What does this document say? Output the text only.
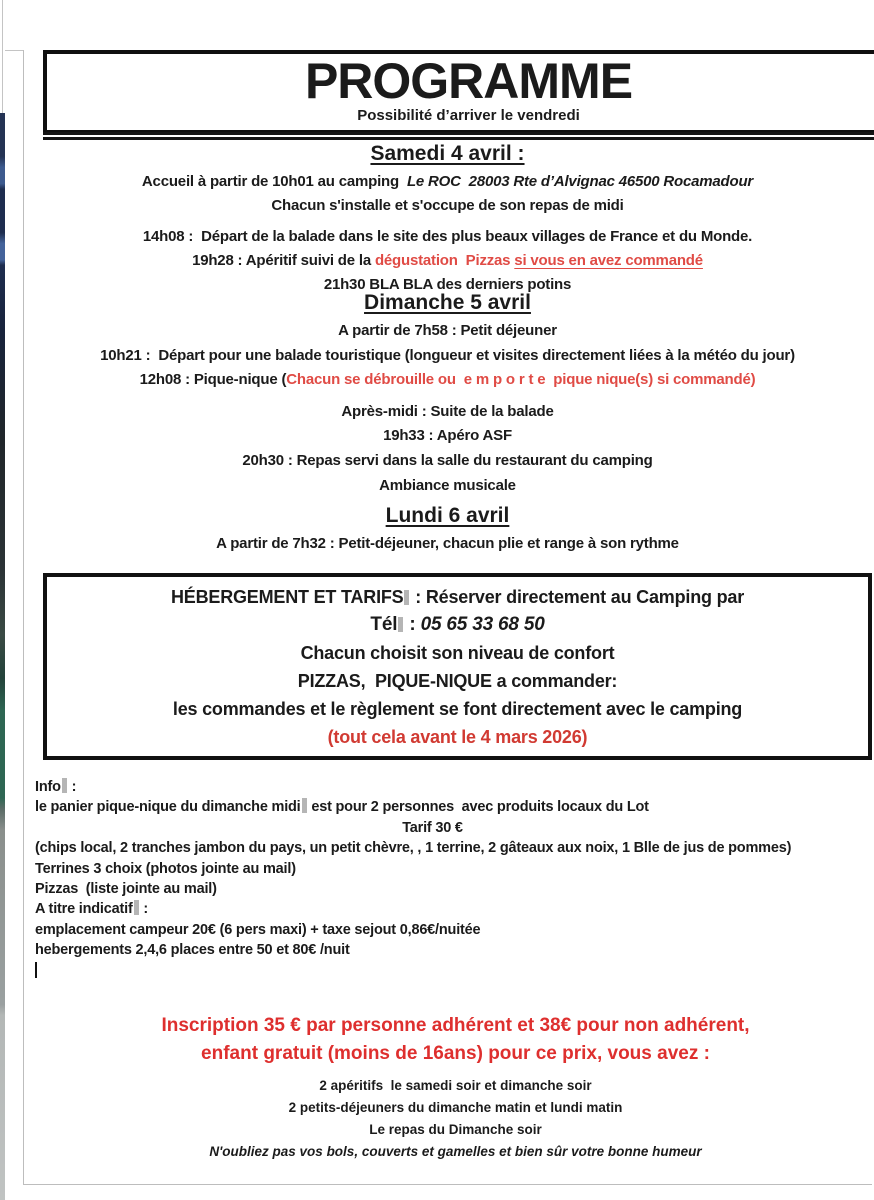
PROGRAMME
Possibilité d’arriver le vendredi
Samedi 4 avril :
Accueil à partir de 10h01 au camping  Le ROC  28003 Rte d’Alvignac 46500 Rocamadour
Chacun s'installe et s'occupe de son repas de midi
14h08 :  Départ de la balade dans le site des plus beaux villages de France et du Monde.
19h28 : Apéritif suivi de la dégustation  Pizzas si vous en avez commandé
21h30 BLA BLA des derniers potins
Dimanche 5 avril
A partir de 7h58 : Petit déjeuner
10h21 :  Départ pour une balade touristique (longueur et visites directement liées à la météo du jour)
12h08 : Pique-nique (Chacun se débrouille ou  e m p o r t e  pique nique(s) si commandé)
Après-midi : Suite de la balade
19h33 : Apéro ASF
20h30 : Repas servi dans la salle du restaurant du camping
Ambiance musicale
Lundi 6 avril
A partir de 7h32 : Petit-déjeuner, chacun plie et range à son rythme
HÉBERGEMENT ET TARIFS : Réserver directement au Camping par
Tél : 05 65 33 68 50
Chacun choisit son niveau de confort
PIZZAS,  PIQUE-NIQUE a commander:
les commandes et le règlement se font directement avec le camping
(tout cela avant le 4 mars 2026)
Info :
le panier pique-nique du dimanche midi est pour 2 personnes  avec produits locaux du Lot
Tarif 30 €
(chips local, 2 tranches jambon du pays, un petit chèvre, , 1 terrine, 2 gâteaux aux noix, 1 Blle de jus de pommes)
Terrines 3 choix (photos jointe au mail)
Pizzas  (liste jointe au mail)
A titre indicatif :
emplacement campeur 20€ (6 pers maxi) + taxe sejout 0,86€/nuitée
hebergements 2,4,6 places entre 50 et 80€ /nuit
Inscription 35 € par personne adhérent et 38€ pour non adhérent,
enfant gratuit (moins de 16ans) pour ce prix, vous avez :
2 apéritifs  le samedi soir et dimanche soir
2 petits-déjeuners du dimanche matin et lundi matin
Le repas du Dimanche soir
N'oubliez pas vos bols, couverts et gamelles et bien sûr votre bonne humeur
